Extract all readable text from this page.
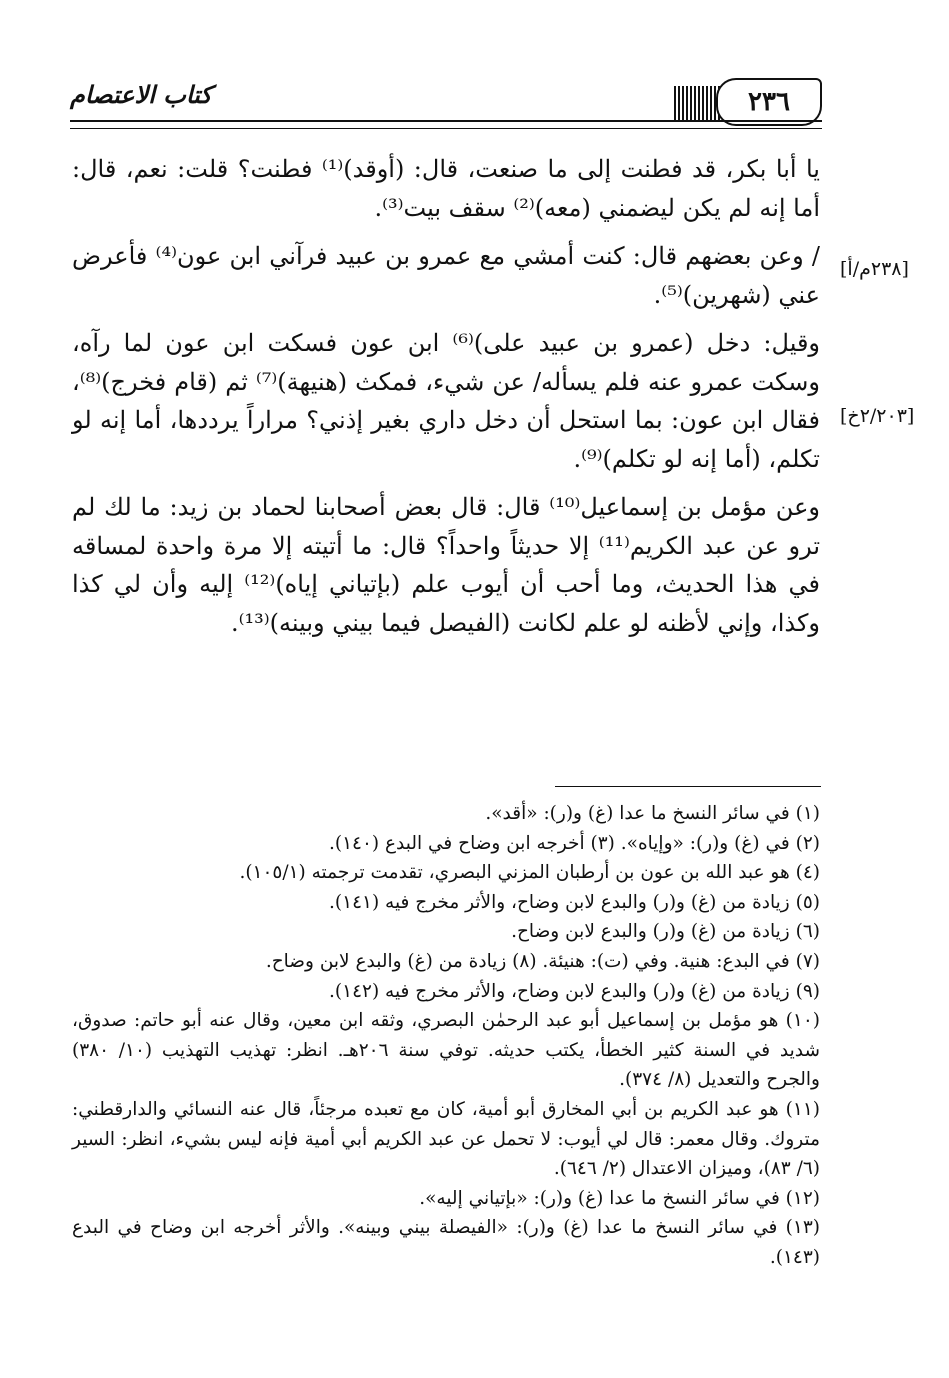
كتاب الاعتصام	٢٣٦
[٢٣٨م/أ]
[٢/٢٠٣خ]

يا أبا بكر، قد فطنت إلى ما صنعت، قال: (أوقد)⁽¹⁾ فطنت؟ قلت: نعم، قال: أما إنه لم يكن ليضمني (معه)⁽²⁾ سقف بيت⁽³⁾.

/ وعن بعضهم قال: كنت أمشي مع عمرو بن عبيد فرآني ابن عون⁽⁴⁾ فأعرض عني (شهرين)⁽⁵⁾.

وقيل: دخل (عمرو بن عبيد على)⁽⁶⁾ ابن عون فسكت ابن عون لما رآه، وسكت عمرو عنه فلم يسأله/ عن شيء، فمكث (هنيهة)⁽⁷⁾ ثم (قام فخرج)⁽⁸⁾، فقال ابن عون: بما استحل أن دخل داري بغير إذني؟ مراراً يرددها، أما إنه لو تكلم، (أما إنه لو تكلم)⁽⁹⁾.

وعن مؤمل بن إسماعيل⁽¹⁰⁾ قال: قال بعض أصحابنا لحماد بن زيد: ما لك لم ترو عن عبد الكريم⁽¹¹⁾ إلا حديثاً واحداً؟ قال: ما أتيته إلا مرة واحدة لمساقه في هذا الحديث، وما أحب أن أيوب علم (بإتياني إياه)⁽¹²⁾ إليه وأن لي كذا وكذا، وإني لأظنه لو علم لكانت (الفيصل فيما بيني وبينه)⁽¹³⁾.

(١) في سائر النسخ ما عدا (غ) و(ر): «أقد».

(٢) في (غ) و(ر): «وإياه». (٣) أخرجه ابن وضاح في البدع (١٤٠).

(٤) هو عبد الله بن عون بن أرطبان المزني البصري، تقدمت ترجمته (١٠٥/١).

(٥) زيادة من (غ) و(ر) والبدع لابن وضاح، والأثر مخرج فيه (١٤١).

(٦) زيادة من (غ) و(ر) والبدع لابن وضاح.

(٧) في البدع: هنية. وفي (ت): هنيئة. (٨) زيادة من (غ) والبدع لابن وضاح.

(٩) زيادة من (غ) و(ر) والبدع لابن وضاح، والأثر مخرج فيه (١٤٢).

(١٠) هو مؤمل بن إسماعيل أبو عبد الرحمٰن البصري، وثقه ابن معين، وقال عنه أبو حاتم: صدوق، شديد في السنة كثير الخطأ، يكتب حديثه. توفي سنة ٢٠٦هـ. انظر: تهذيب التهذيب (١٠/ ٣٨٠) والجرح والتعديل (٨/ ٣٧٤).

(١١) هو عبد الكريم بن أبي المخارق أبو أمية، كان مع تعبده مرجئاً، قال عنه النسائي والدارقطني: متروك. وقال معمر: قال لي أيوب: لا تحمل عن عبد الكريم أبي أمية فإنه ليس بشيء، انظر: السير (٦/ ٨٣)، وميزان الاعتدال (٢/ ٦٤٦).

(١٢) في سائر النسخ ما عدا (غ) و(ر): «بإتياني إليه».

(١٣) في سائر النسخ ما عدا (غ) و(ر): «الفيصلة بيني وبينه». والأثر أخرجه ابن وضاح في البدع (١٤٣).
